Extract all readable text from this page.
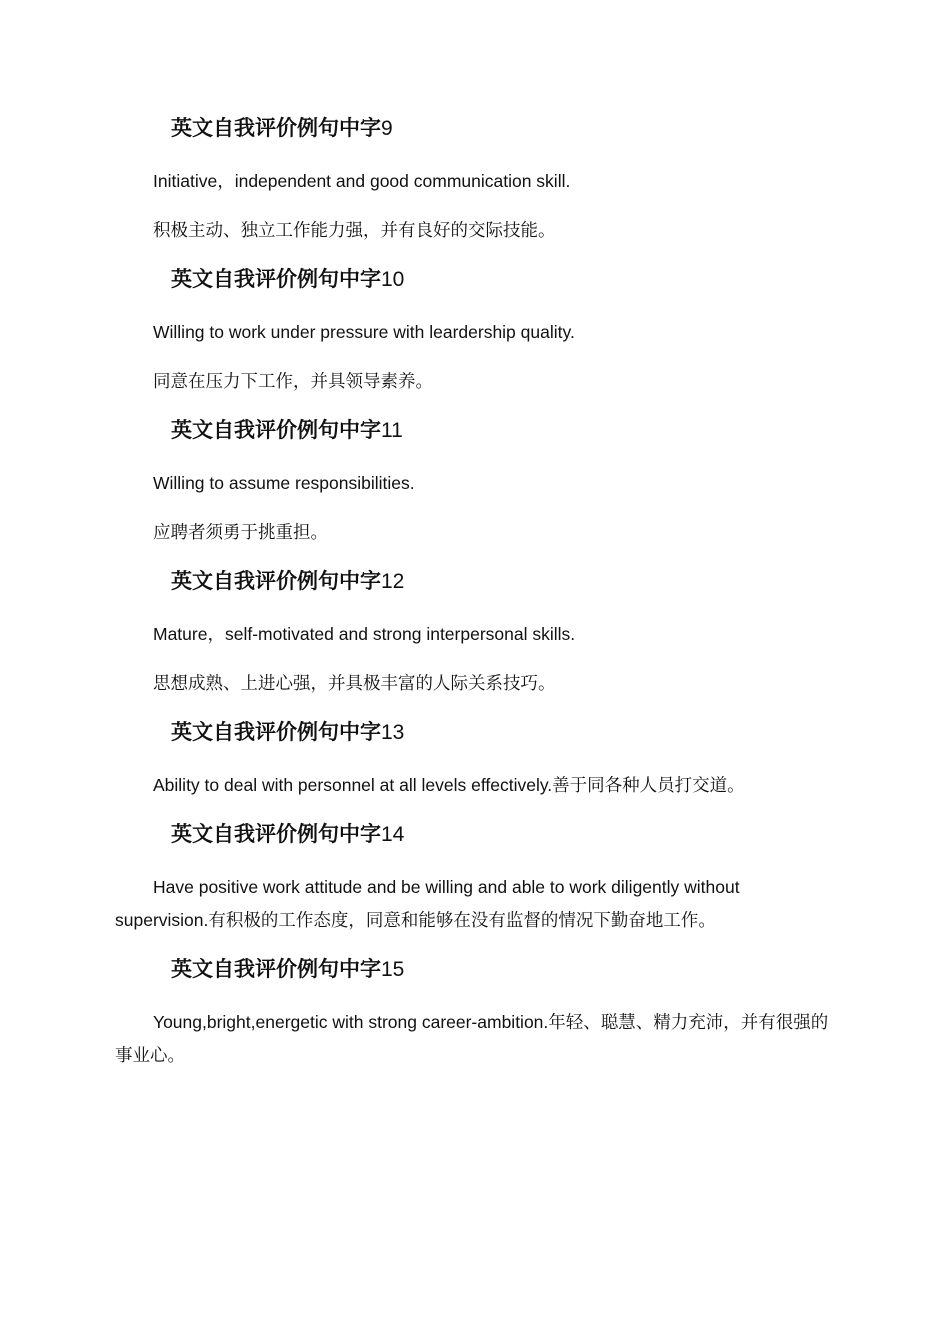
英文自我评价例句中字9

Initiative，independent and good communication skill.

积极主动、独立工作能力强，并有良好的交际技能。

英文自我评价例句中字10

Willing to work under pressure with leardership quality.

同意在压力下工作，并具领导素养。

英文自我评价例句中字11

Willing to assume responsibilities.

应聘者须勇于挑重担。

英文自我评价例句中字12

Mature，self-motivated and strong interpersonal skills.

思想成熟、上进心强，并具极丰富的人际关系技巧。

英文自我评价例句中字13

Ability to deal with personnel at all levels effectively.善于同各种人员打交道。

英文自我评价例句中字14

Have positive work attitude and be willing and able to work diligently without supervision.有积极的工作态度，同意和能够在没有监督的情况下勤奋地工作。

英文自我评价例句中字15

Young,bright,energetic with strong career-ambition.年轻、聪慧、精力充沛，并有很强的事业心。
